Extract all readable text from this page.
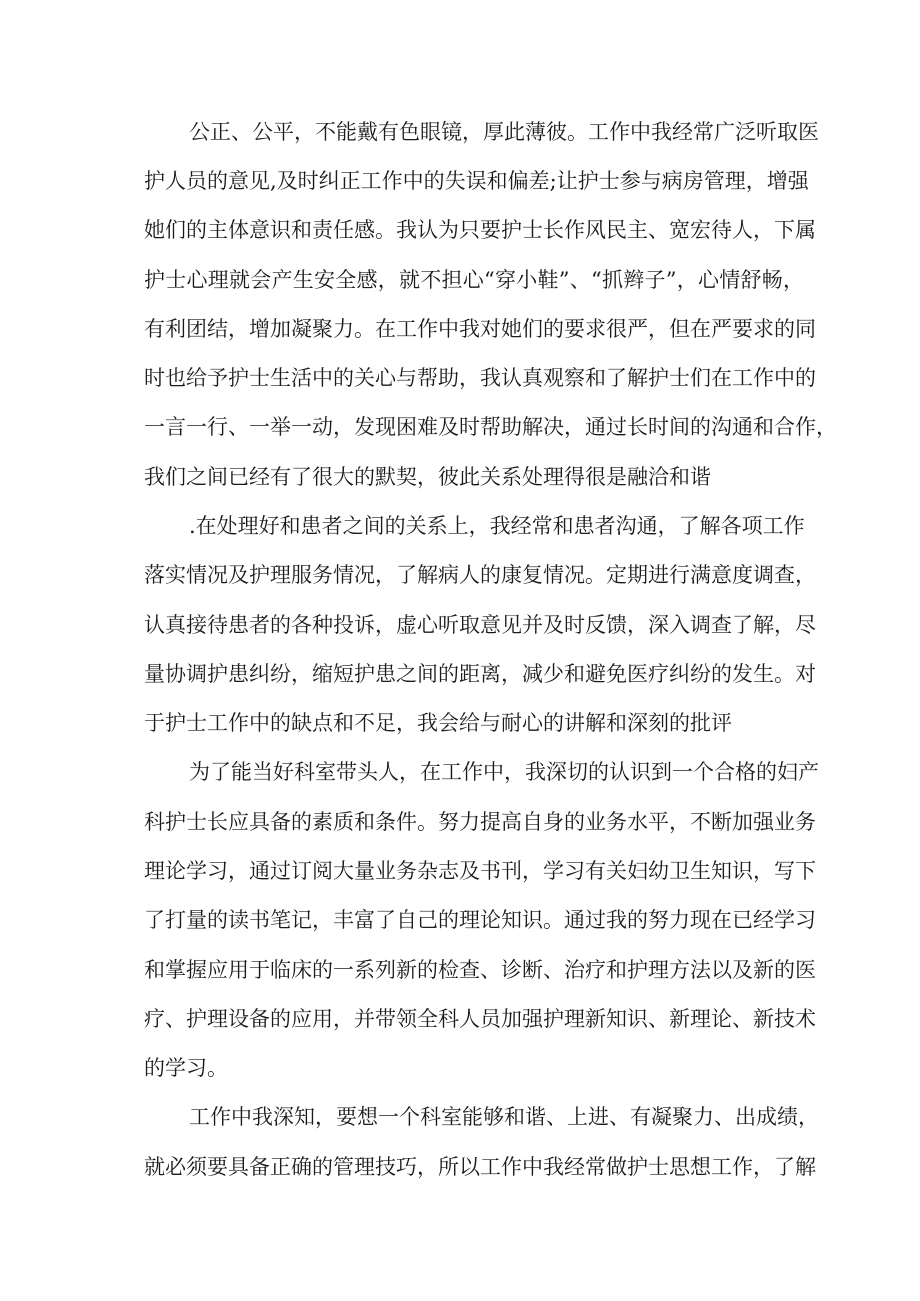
公正、公平，不能戴有色眼镜，厚此薄彼。工作中我经常广泛听取医
护人员的意见,及时纠正工作中的失误和偏差;让护士参与病房管理，增强
她们的主体意识和责任感。我认为只要护士长作风民主、宽宏待人，下属
护士心理就会产生安全感，就不担心“穿小鞋”、“抓辫子”，心情舒畅，
有利团结，增加凝聚力。在工作中我对她们的要求很严，但在严要求的同
时也给予护士生活中的关心与帮助，我认真观察和了解护士们在工作中的
一言一行、一举一动，发现困难及时帮助解决，通过长时间的沟通和合作，
我们之间已经有了很大的默契，彼此关系处理得很是融洽和谐
.在处理好和患者之间的关系上，我经常和患者沟通，了解各项工作
落实情况及护理服务情况，了解病人的康复情况。定期进行满意度调查，
认真接待患者的各种投诉，虚心听取意见并及时反馈，深入调查了解，尽
量协调护患纠纷，缩短护患之间的距离，减少和避免医疗纠纷的发生。对
于护士工作中的缺点和不足，我会给与耐心的讲解和深刻的批评
为了能当好科室带头人，在工作中，我深切的认识到一个合格的妇产
科护士长应具备的素质和条件。努力提高自身的业务水平，不断加强业务
理论学习，通过订阅大量业务杂志及书刊，学习有关妇幼卫生知识，写下
了打量的读书笔记，丰富了自己的理论知识。通过我的努力现在已经学习
和掌握应用于临床的一系列新的检查、诊断、治疗和护理方法以及新的医
疗、护理设备的应用，并带领全科人员加强护理新知识、新理论、新技术
的学习。
工作中我深知，要想一个科室能够和谐、上进、有凝聚力、出成绩，
就必须要具备正确的管理技巧，所以工作中我经常做护士思想工作，了解
